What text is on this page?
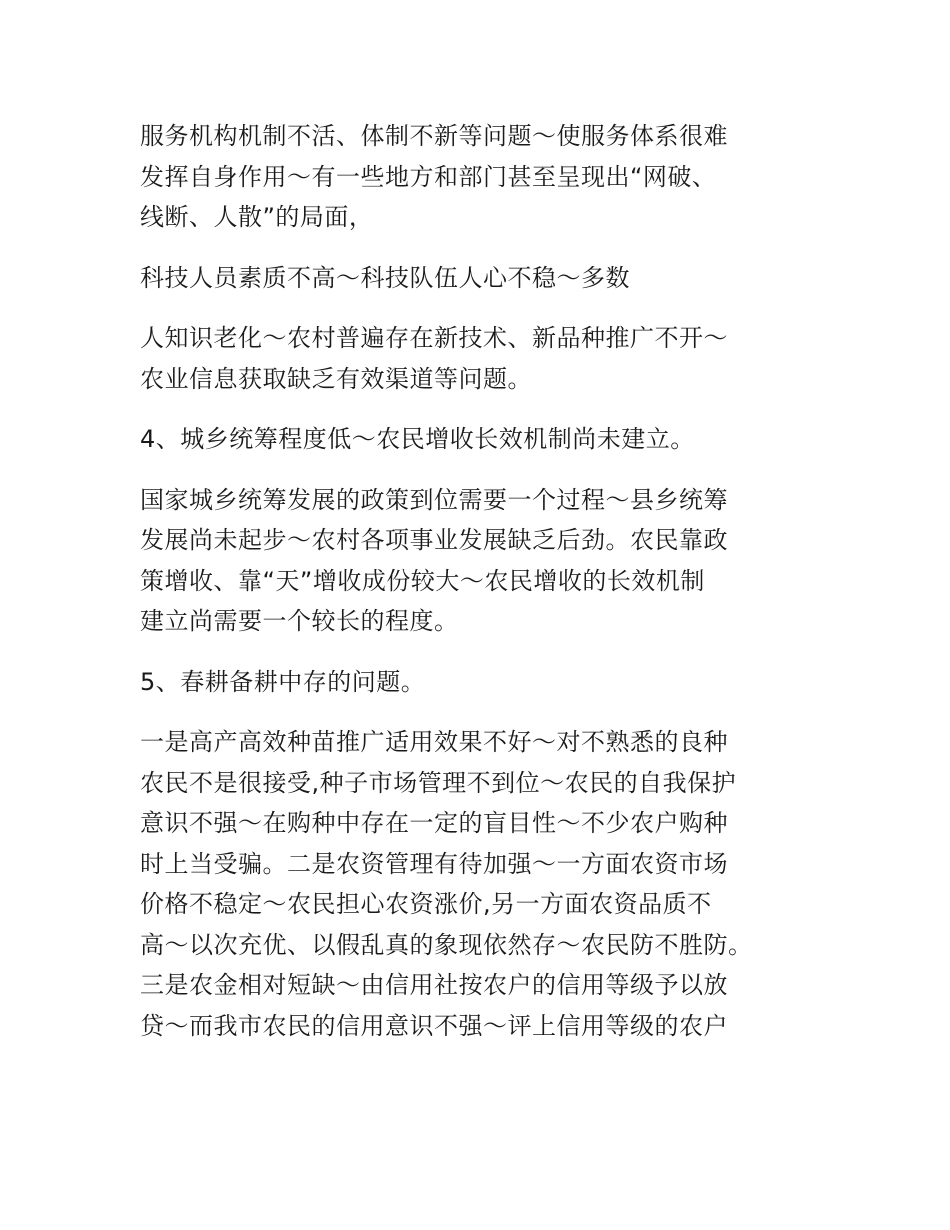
服务机构机制不活、体制不新等问题～使服务体系很难
发挥自身作用～有一些地方和部门甚至呈现出“网破、
线断、人散”的局面，
科技人员素质不高～科技队伍人心不稳～多数
人知识老化～农村普遍存在新技术、新品种推广不开～
农业信息获取缺乏有效渠道等问题。
4、城乡统筹程度低～农民增收长效机制尚未建立。
国家城乡统筹发展的政策到位需要一个过程～县乡统筹
发展尚未起步～农村各项事业发展缺乏后劲。农民靠政
策增收、靠“天”增收成份较大～农民增收的长效机制
建立尚需要一个较长的程度。
5、春耕备耕中存的问题。
一是高产高效种苗推广适用效果不好～对不熟悉的良种
农民不是很接受,种子市场管理不到位～农民的自我保护
意识不强～在购种中存在一定的盲目性～不少农户购种
时上当受骗。二是农资管理有待加强～一方面农资市场
价格不稳定～农民担心农资涨价,另一方面农资品质不
高～以次充优、以假乱真的象现依然存～农民防不胜防。
三是农金相对短缺～由信用社按农户的信用等级予以放
贷～而我市农民的信用意识不强～评上信用等级的农户
